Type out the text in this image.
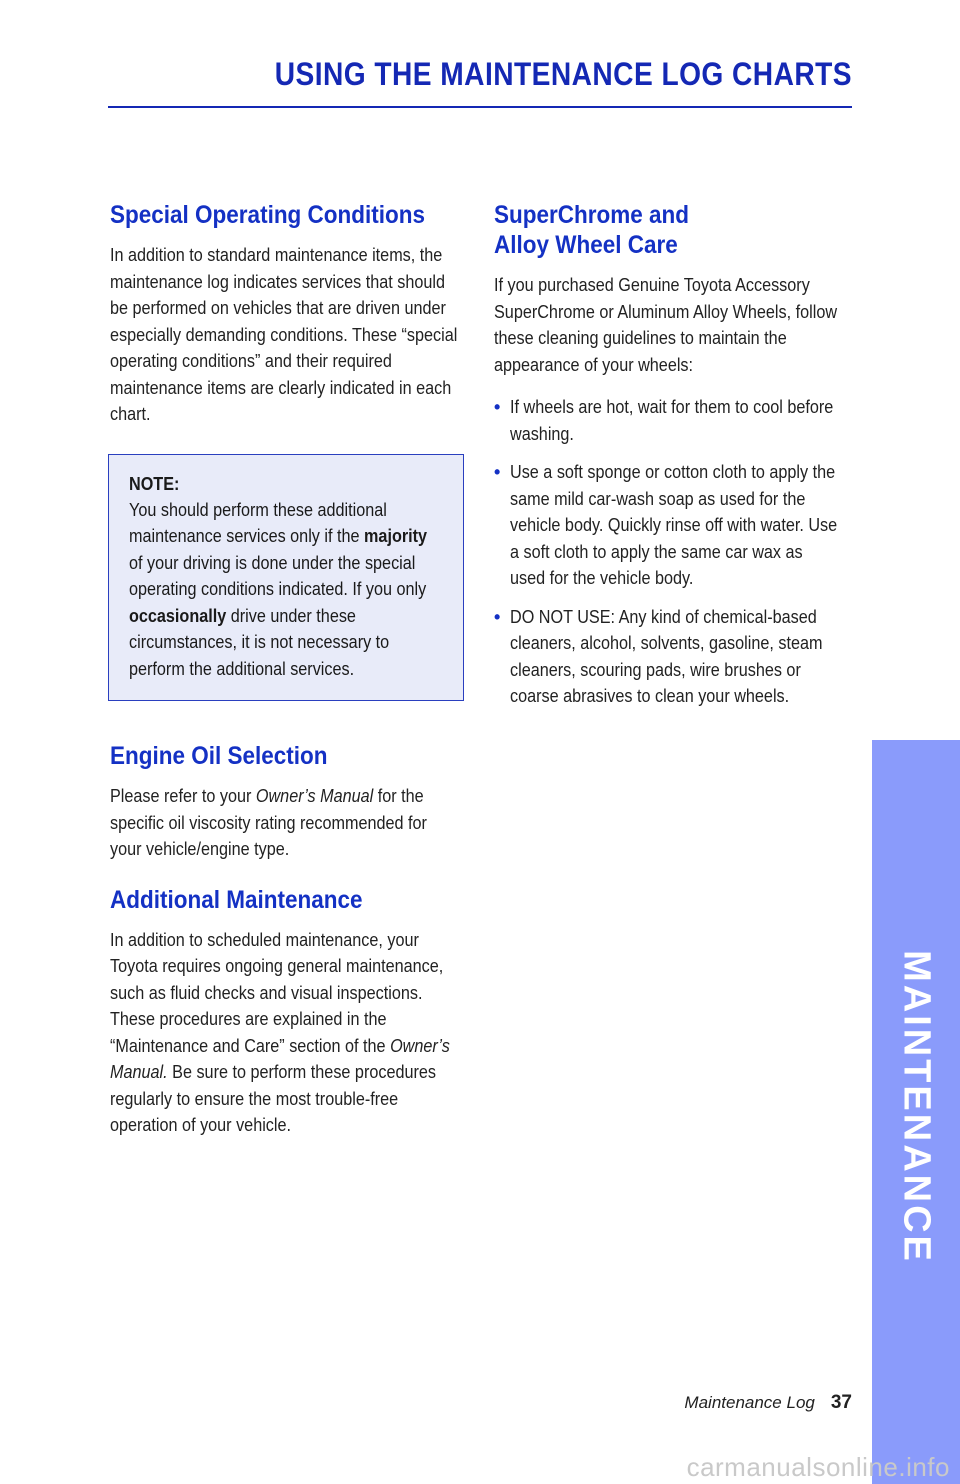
USING THE MAINTENANCE LOG CHARTS
Special Operating Conditions

In addition to standard maintenance items, the maintenance log indicates services that should be performed on vehicles that are driven under especially demanding conditions. These “special operating conditions” and their required maintenance items are clearly indicated in each chart.

NOTE:

You should perform these additional maintenance services only if the majority of your driving is done under the special operating conditions indicated. If you only occasionally drive under these circumstances, it is not necessary to perform the additional services.

Engine Oil Selection

Please refer to your Owner’s Manual for the specific oil viscosity rating recommended for your vehicle/engine type.

Additional Maintenance

In addition to scheduled maintenance, your Toyota requires ongoing general maintenance, such as fluid checks and visual inspections. These procedures are explained in the “Maintenance and Care” section of the Owner’s Manual. Be sure to perform these procedures regularly to ensure the most trouble-free operation of your vehicle.

SuperChrome and
Alloy Wheel Care

If you purchased Genuine Toyota Accessory SuperChrome or Aluminum Alloy Wheels, follow these cleaning guidelines to maintain the appearance of your wheels:

• If wheels are hot, wait for them to cool before washing.
• Use a soft sponge or cotton cloth to apply the same mild car-wash soap as used for the vehicle body. Quickly rinse off with water. Use a soft cloth to apply the same car wax as used for the vehicle body.
• DO NOT USE: Any kind of chemical-based cleaners, alcohol, solvents, gasoline, steam cleaners, scouring pads, wire brushes or coarse abrasives to clean your wheels.
MAINTENANCE
Maintenance Log 37
carmanualsonline.info
